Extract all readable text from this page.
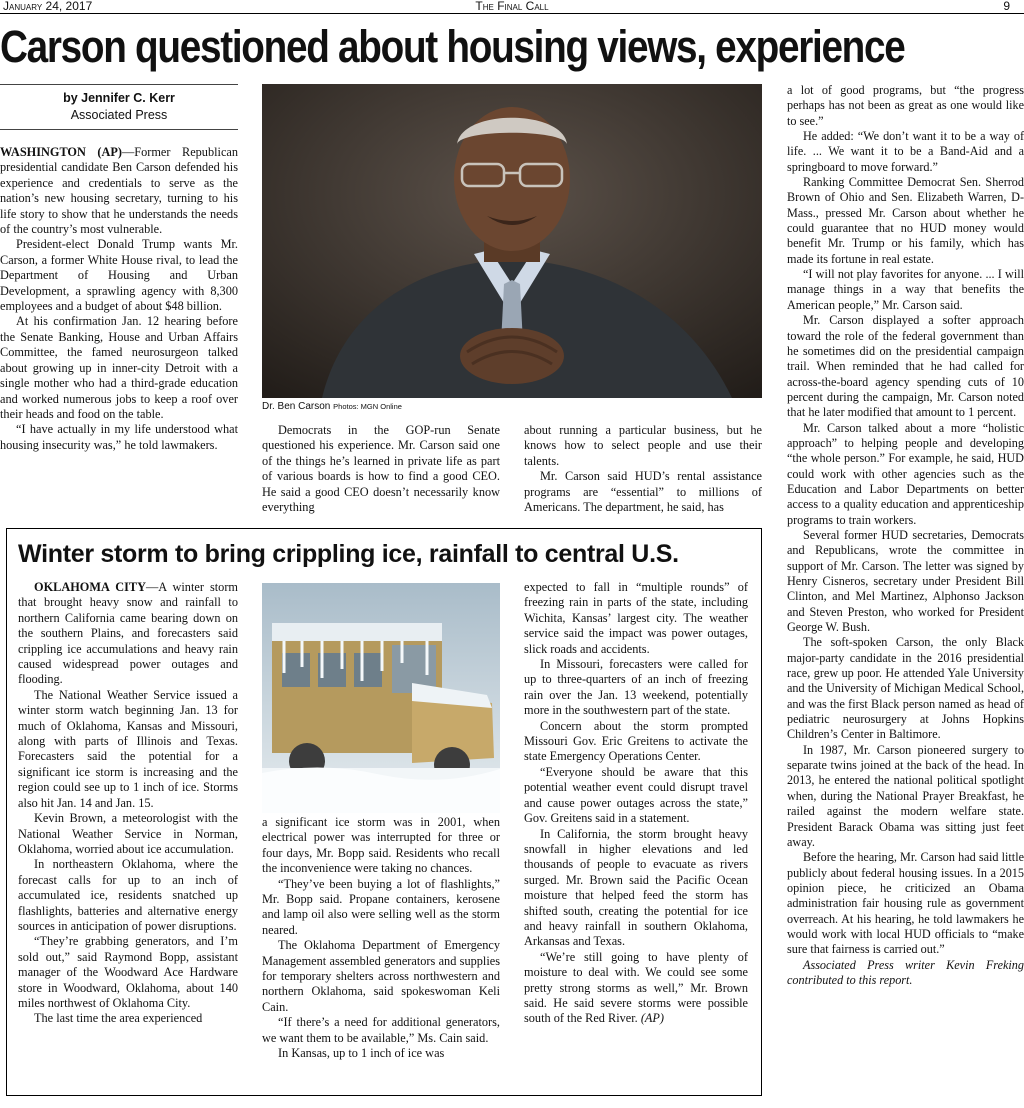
January 24, 2017	The Final Call	9
Carson questioned about housing views, experience
by Jennifer C. Kerr
Associated Press

WASHINGTON (AP)—Former Republican presidential candidate Ben Carson defended his experience and credentials to serve as the nation’s new housing secretary, turning to his life story to show that he understands the needs of the country’s most vulnerable.

President-elect Donald Trump wants Mr. Carson, a former White House rival, to lead the Department of Housing and Urban Development, a sprawling agency with 8,300 employees and a budget of about $48 billion.

At his confirmation Jan. 12 hearing before the Senate Banking, House and Urban Affairs Committee, the famed neurosurgeon talked about growing up in inner-city Detroit with a single mother who had a third-grade education and worked numerous jobs to keep a roof over their heads and food on the table.

“I have actually in my life understood what housing insecurity was,” he told lawmakers.

Dr. Ben Carson Photos: MGN Online

Democrats in the GOP-run Senate questioned his experience. Mr. Carson said one of the things he’s learned in private life as part of various boards is how to find a good CEO. He said a good CEO doesn’t necessarily know everything

about running a particular business, but he knows how to select people and use their talents.

Mr. Carson said HUD’s rental assistance programs are “essential” to millions of Americans. The department, he said, has

a lot of good programs, but “the progress perhaps has not been as great as one would like to see.”

He added: “We don’t want it to be a way of life. ... We want it to be a Band-Aid and a springboard to move forward.”

Ranking Committee Democrat Sen. Sherrod Brown of Ohio and Sen. Elizabeth Warren, D-Mass., pressed Mr. Carson about whether he could guarantee that no HUD money would benefit Mr. Trump or his family, which has made its fortune in real estate.

“I will not play favorites for anyone. ... I will manage things in a way that benefits the American people,” Mr. Carson said.

Mr. Carson displayed a softer approach toward the role of the federal government than he sometimes did on the presidential campaign trail. When reminded that he had called for across-the-board agency spending cuts of 10 percent during the campaign, Mr. Carson noted that he later modified that amount to 1 percent.

Mr. Carson talked about a more “holistic approach” to helping people and developing “the whole person.” For example, he said, HUD could work with other agencies such as the Education and Labor Departments on better access to a quality education and apprenticeship programs to train workers.

Several former HUD secretaries, Democrats and Republicans, wrote the committee in support of Mr. Carson. The letter was signed by Henry Cisneros, secretary under President Bill Clinton, and Mel Martinez, Alphonso Jackson and Steven Preston, who worked for President George W. Bush.

The soft-spoken Carson, the only Black major-party candidate in the 2016 presidential race, grew up poor. He attended Yale University and the University of Michigan Medical School, and was the first Black person named as head of pediatric neurosurgery at Johns Hopkins Children’s Center in Baltimore.

In 1987, Mr. Carson pioneered surgery to separate twins joined at the back of the head. In 2013, he entered the national political spotlight when, during the National Prayer Breakfast, he railed against the modern welfare state. President Barack Obama was sitting just feet away.

Before the hearing, Mr. Carson had said little publicly about federal housing issues. In a 2015 opinion piece, he criticized an Obama administration fair housing rule as government overreach. At his hearing, he told lawmakers he would work with local HUD officials to “make sure that fairness is carried out.”

Associated Press writer Kevin Freking contributed to this report.

Winter storm to bring crippling ice, rainfall to central U.S.

OKLAHOMA CITY—A winter storm that brought heavy snow and rainfall to northern California came bearing down on the southern Plains, and forecasters said crippling ice accumulations and heavy rain caused widespread power outages and flooding.

The National Weather Service issued a winter storm watch beginning Jan. 13 for much of Oklahoma, Kansas and Missouri, along with parts of Illinois and Texas. Forecasters said the potential for a significant ice storm is increasing and the region could see up to 1 inch of ice. Storms also hit Jan. 14 and Jan. 15.

Kevin Brown, a meteorologist with the National Weather Service in Norman, Oklahoma, worried about ice accumulation.

In northeastern Oklahoma, where the forecast calls for up to an inch of accumulated ice, residents snatched up flashlights, batteries and alternative energy sources in anticipation of power disruptions.

“They’re grabbing generators, and I’m sold out,” said Raymond Bopp, assistant manager of the Woodward Ace Hardware store in Woodward, Oklahoma, about 140 miles northwest of Oklahoma City.

The last time the area experienced

a significant ice storm was in 2001, when electrical power was interrupted for three or four days, Mr. Bopp said. Residents who recall the inconvenience were taking no chances.

“They’ve been buying a lot of flashlights,” Mr. Bopp said. Propane containers, kerosene and lamp oil also were selling well as the storm neared.

The Oklahoma Department of Emergency Management assembled generators and supplies for temporary shelters across northwestern and northern Oklahoma, said spokeswoman Keli Cain.

“If there’s a need for additional generators, we want them to be available,” Ms. Cain said.

In Kansas, up to 1 inch of ice was

expected to fall in “multiple rounds” of freezing rain in parts of the state, including Wichita, Kansas’ largest city. The weather service said the impact was power outages, slick roads and accidents.

In Missouri, forecasters were called for up to three-quarters of an inch of freezing rain over the Jan. 13 weekend, potentially more in the southwestern part of the state.

Concern about the storm prompted Missouri Gov. Eric Greitens to activate the state Emergency Operations Center.

“Everyone should be aware that this potential weather event could disrupt travel and cause power outages across the state,” Gov. Greitens said in a statement.

In California, the storm brought heavy snowfall in higher elevations and led thousands of people to evacuate as rivers surged. Mr. Brown said the Pacific Ocean moisture that helped feed the storm has shifted south, creating the potential for ice and heavy rainfall in southern Oklahoma, Arkansas and Texas.

“We’re still going to have plenty of moisture to deal with. We could see some pretty strong storms as well,” Mr. Brown said. He said severe storms were possible south of the Red River. (AP)
